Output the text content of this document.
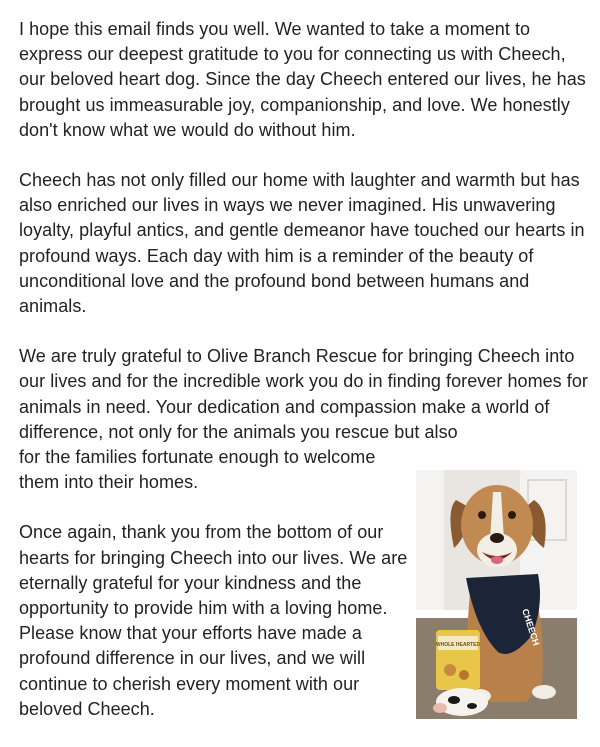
I hope this email finds you well. We wanted to take a moment to express our deepest gratitude to you for connecting us with Cheech, our beloved heart dog. Since the day Cheech entered our lives, he has brought us immeasurable joy, companionship, and love. We honestly don't know what we would do without him.

Cheech has not only filled our home with laughter and warmth but has also enriched our lives in ways we never imagined. His unwavering loyalty, playful antics, and gentle demeanor have touched our hearts in profound ways. Each day with him is a reminder of the beauty of unconditional love and the profound bond between humans and animals.

We are truly grateful to Olive Branch Rescue for bringing Cheech into our lives and for the incredible work you do in finding forever homes for animals in need. Your dedication and compassion make a world of difference, not only for the animals you rescue but also
for the families fortunate enough to welcome
them into their homes.

Once again, thank you from the bottom of our hearts for bringing Cheech into our lives. We are eternally grateful for your kindness and the opportunity to provide him with a loving home. Please know that your efforts have made a profound difference in our lives, and we will continue to cherish every moment with our beloved Cheech.

CHEECH
WHOLE HEARTED
